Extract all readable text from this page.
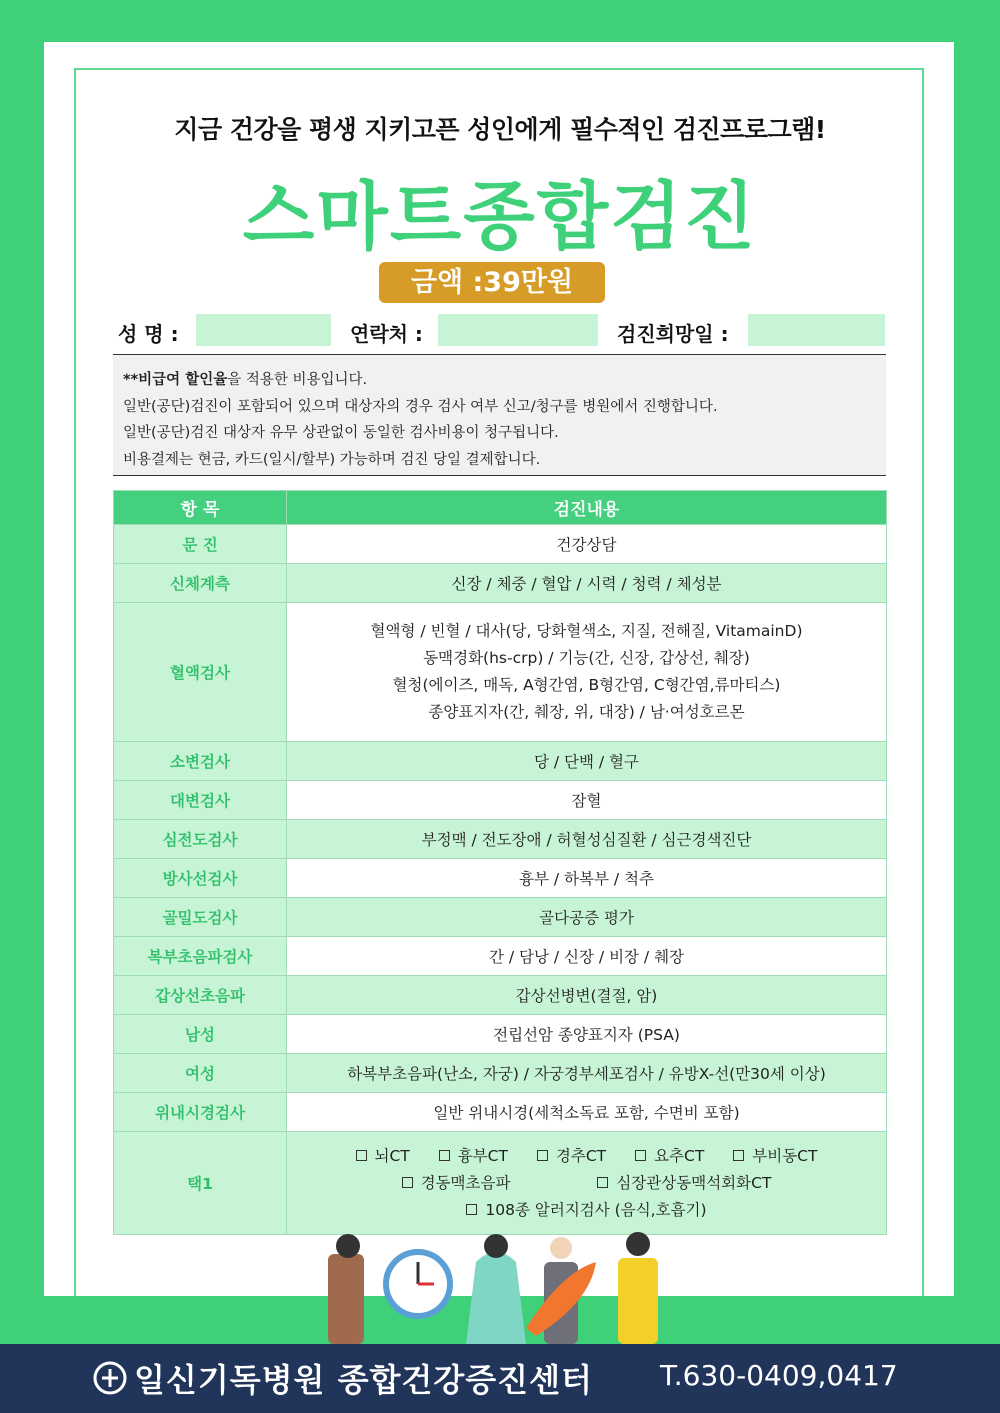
지금 건강을 평생 지키고픈 성인에게 필수적인 검진프로그램!
스마트종합검진
금액 :39만원
성 명 :	연락처 :	검진희망일 :
**비급여 할인율을 적용한 비용입니다.
일반(공단)검진이 포함되어 있으며 대상자의 경우 검사 여부 신고/청구를 병원에서 진행합니다.
일반(공단)검진 대상자 유무 상관없이 동일한 검사비용이 청구됩니다.
비용결제는 현금, 카드(일시/할부) 가능하며 검진 당일 결제합니다.
항 목	검진내용
문 진	건강상담
신체계측	신장 / 체중 / 혈압 / 시력 / 청력 / 체성분
혈액검사	혈액형 / 빈혈 / 대사(당, 당화혈색소, 지질, 전해질, VitamainD)
동맥경화(hs-crp) / 기능(간, 신장, 갑상선, 췌장)
혈청(에이즈, 매독, A형간염, B형간염, C형간염,류마티스)
종양표지자(간, 췌장, 위, 대장) / 남·여성호르몬

소변검사	당 / 단백 / 혈구
대변검사	잠혈
심전도검사	부정맥 / 전도장애 / 허혈성심질환 / 심근경색진단
방사선검사	흉부 / 하복부 / 척추
골밀도검사	골다공증 평가
복부초음파검사	간 / 담낭 / 신장 / 비장 / 췌장
갑상선초음파	갑상선병변(결절, 암)
남성	전립선암 종양표지자 (PSA)
여성	하복부초음파(난소, 자궁) / 자궁경부세포검사 / 유방X-선(만30세 이상)
위내시경검사	일반 위내시경(세척소독료 포함, 수면비 포함)
택1	뇌CT 흉부CT 경추CT 요추CT 부비동CT
경동맥초음파 심장관상동맥석회화CT
108종 알러지검사 (음식,호흡기)
일신기독병원 종합건강증진센터 T.630-0409,0417
